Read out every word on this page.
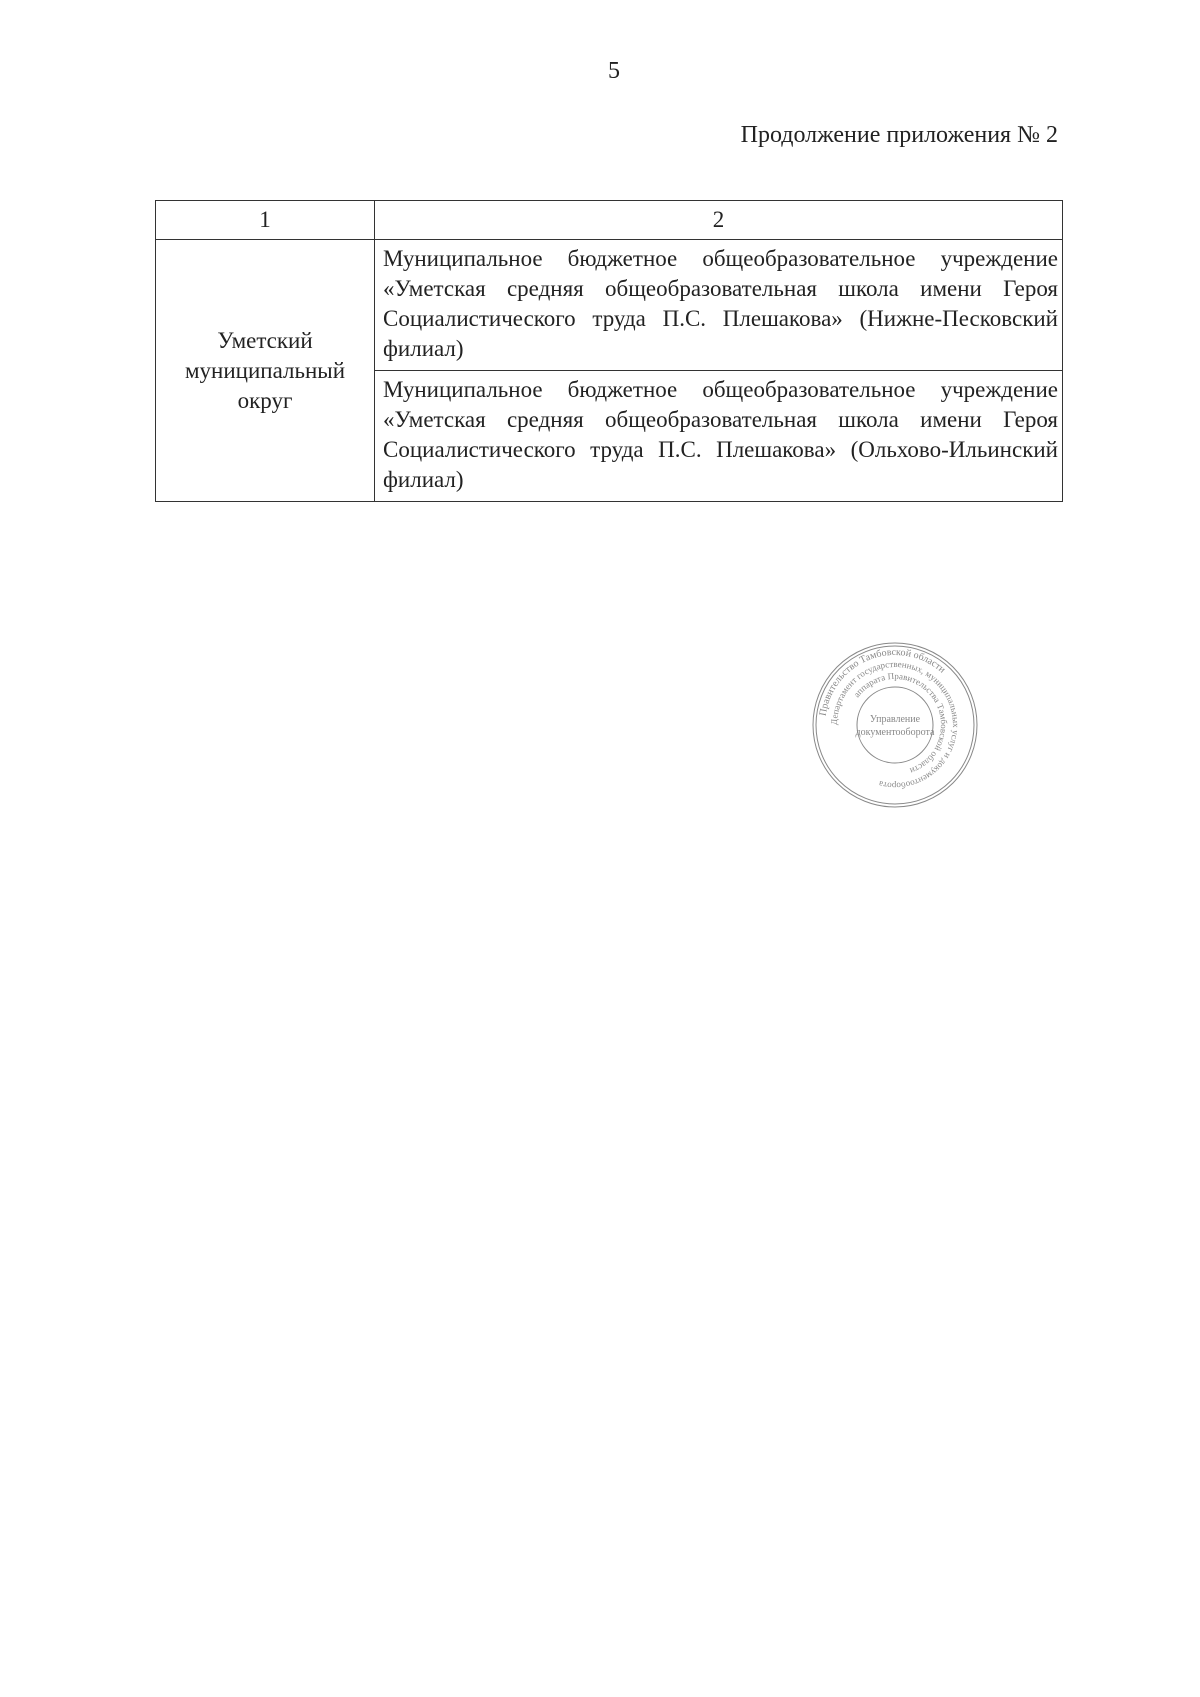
5
Продолжение приложения № 2
1	2
Уметский муниципальный округ	Муниципальное бюджетное общеобразовательное учреждение «Уметская средняя общеобразовательная школа имени Героя Социалистического труда П.С. Плешакова» (Нижне-Песковский филиал)
	Муниципальное бюджетное общеобразовательное учреждение «Уметская средняя общеобразовательная школа имени Героя Социалистического труда П.С. Плешакова» (Ольхово-Ильинский филиал)
Правительство Тамбовской области
Департамент государственных, муниципальных услуг и документооборота
аппарата Правительства Тамбовской области
Управление
документооборота
